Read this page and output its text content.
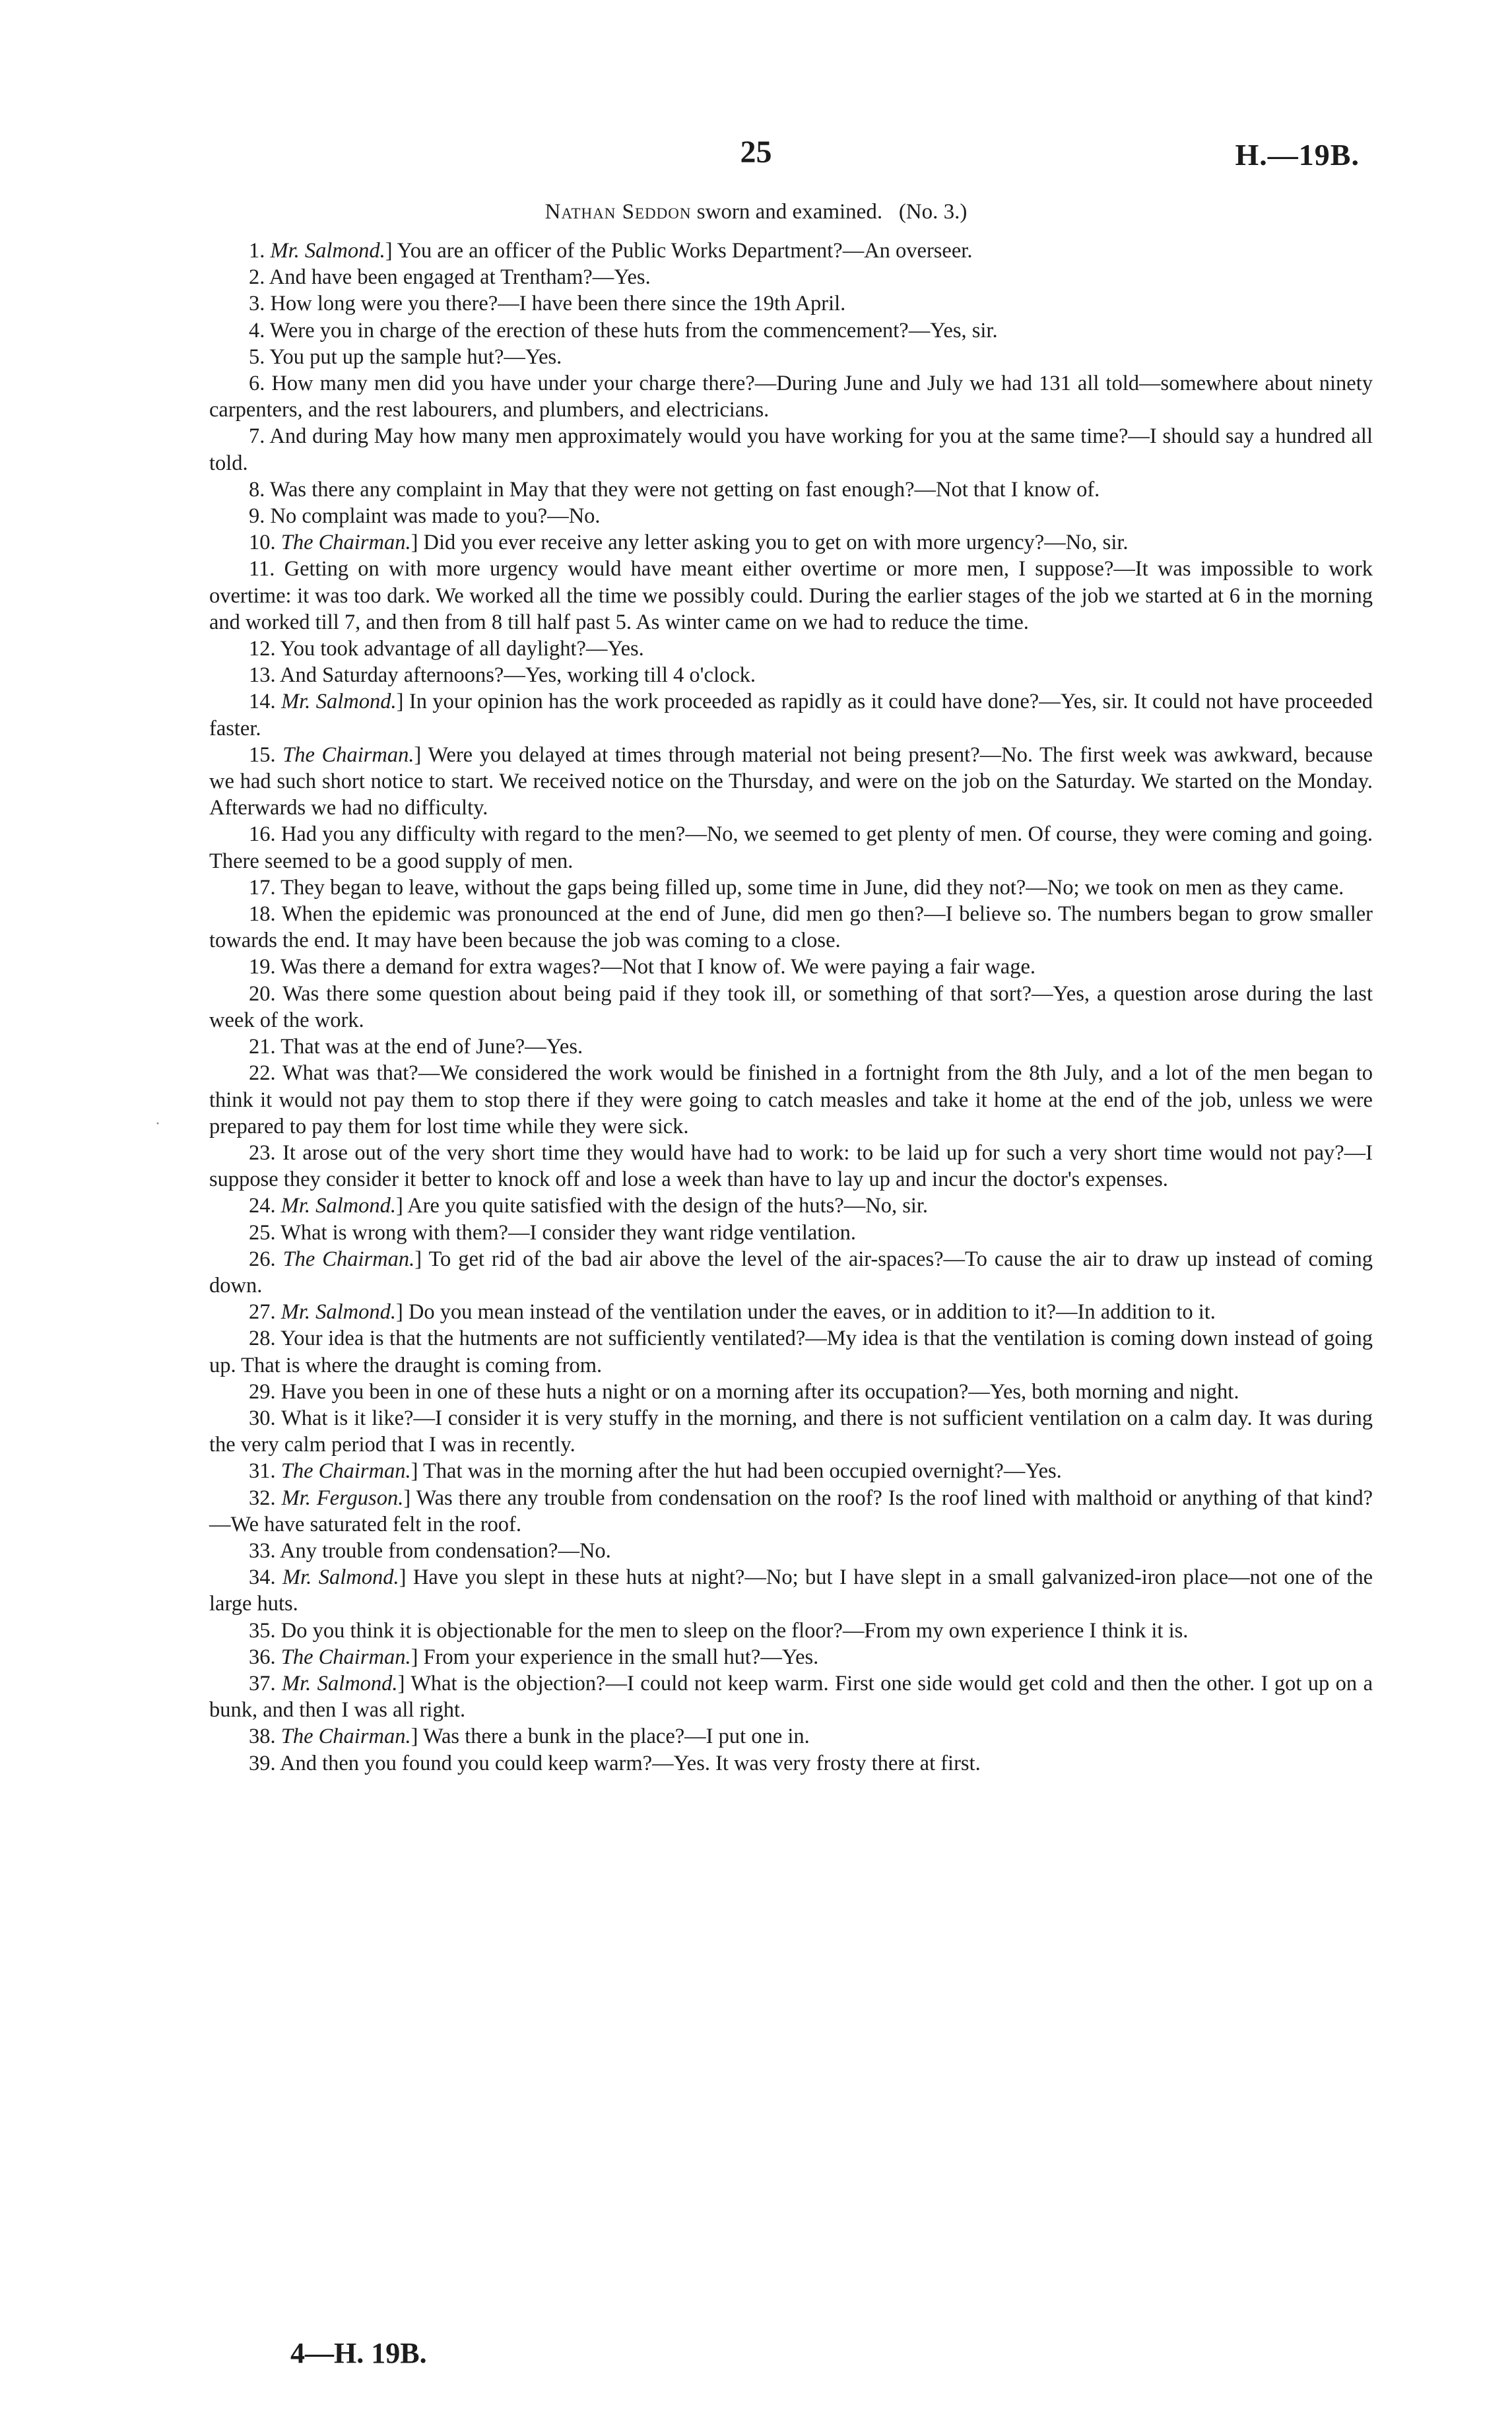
25	H.—19B.
Nathan Seddon sworn and examined.   (No. 3.)

1. Mr. Salmond.] You are an officer of the Public Works Department?—An overseer.

2. And have been engaged at Trentham?—Yes.

3. How long were you there?—I have been there since the 19th April.

4. Were you in charge of the erection of these huts from the commencement?—Yes, sir.

5. You put up the sample hut?—Yes.

6. How many men did you have under your charge there?—During June and July we had 131 all told—somewhere about ninety carpenters, and the rest labourers, and plumbers, and electricians.

7. And during May how many men approximately would you have working for you at the same time?—I should say a hundred all told.

8. Was there any complaint in May that they were not getting on fast enough?—Not that I know of.

9. No complaint was made to you?—No.

10. The Chairman.] Did you ever receive any letter asking you to get on with more urgency?—No, sir.

11. Getting on with more urgency would have meant either overtime or more men, I suppose?—It was impossible to work overtime: it was too dark. We worked all the time we possibly could. During the earlier stages of the job we started at 6 in the morning and worked till 7, and then from 8 till half past 5. As winter came on we had to reduce the time.

12. You took advantage of all daylight?—Yes.

13. And Saturday afternoons?—Yes, working till 4 o'clock.

14. Mr. Salmond.] In your opinion has the work proceeded as rapidly as it could have done?—Yes, sir. It could not have proceeded faster.

15. The Chairman.] Were you delayed at times through material not being present?—No. The first week was awkward, because we had such short notice to start. We received notice on the Thursday, and were on the job on the Saturday. We started on the Monday. Afterwards we had no difficulty.

16. Had you any difficulty with regard to the men?—No, we seemed to get plenty of men. Of course, they were coming and going. There seemed to be a good supply of men.

17. They began to leave, without the gaps being filled up, some time in June, did they not?—No; we took on men as they came.

18. When the epidemic was pronounced at the end of June, did men go then?—I believe so. The numbers began to grow smaller towards the end. It may have been because the job was coming to a close.

19. Was there a demand for extra wages?—Not that I know of. We were paying a fair wage.

20. Was there some question about being paid if they took ill, or something of that sort?—Yes, a question arose during the last week of the work.

21. That was at the end of June?—Yes.

22. What was that?—We considered the work would be finished in a fortnight from the 8th July, and a lot of the men began to think it would not pay them to stop there if they were going to catch measles and take it home at the end of the job, unless we were prepared to pay them for lost time while they were sick.

23. It arose out of the very short time they would have had to work: to be laid up for such a very short time would not pay?—I suppose they consider it better to knock off and lose a week than have to lay up and incur the doctor's expenses.

24. Mr. Salmond.] Are you quite satisfied with the design of the huts?—No, sir.

25. What is wrong with them?—I consider they want ridge ventilation.

26. The Chairman.] To get rid of the bad air above the level of the air-spaces?—To cause the air to draw up instead of coming down.

27. Mr. Salmond.] Do you mean instead of the ventilation under the eaves, or in addition to it?—In addition to it.

28. Your idea is that the hutments are not sufficiently ventilated?—My idea is that the ventilation is coming down instead of going up. That is where the draught is coming from.

29. Have you been in one of these huts a night or on a morning after its occupation?—Yes, both morning and night.

30. What is it like?—I consider it is very stuffy in the morning, and there is not sufficient ventilation on a calm day. It was during the very calm period that I was in recently.

31. The Chairman.] That was in the morning after the hut had been occupied overnight?—Yes.

32. Mr. Ferguson.] Was there any trouble from condensation on the roof? Is the roof lined with malthoid or anything of that kind?—We have saturated felt in the roof.

33. Any trouble from condensation?—No.

34. Mr. Salmond.] Have you slept in these huts at night?—No; but I have slept in a small galvanized-iron place—not one of the large huts.

35. Do you think it is objectionable for the men to sleep on the floor?—From my own experience I think it is.

36. The Chairman.] From your experience in the small hut?—Yes.

37. Mr. Salmond.] What is the objection?—I could not keep warm. First one side would get cold and then the other. I got up on a bunk, and then I was all right.

38. The Chairman.] Was there a bunk in the place?—I put one in.

39. And then you found you could keep warm?—Yes. It was very frosty there at first.

4—H. 19B.
·
